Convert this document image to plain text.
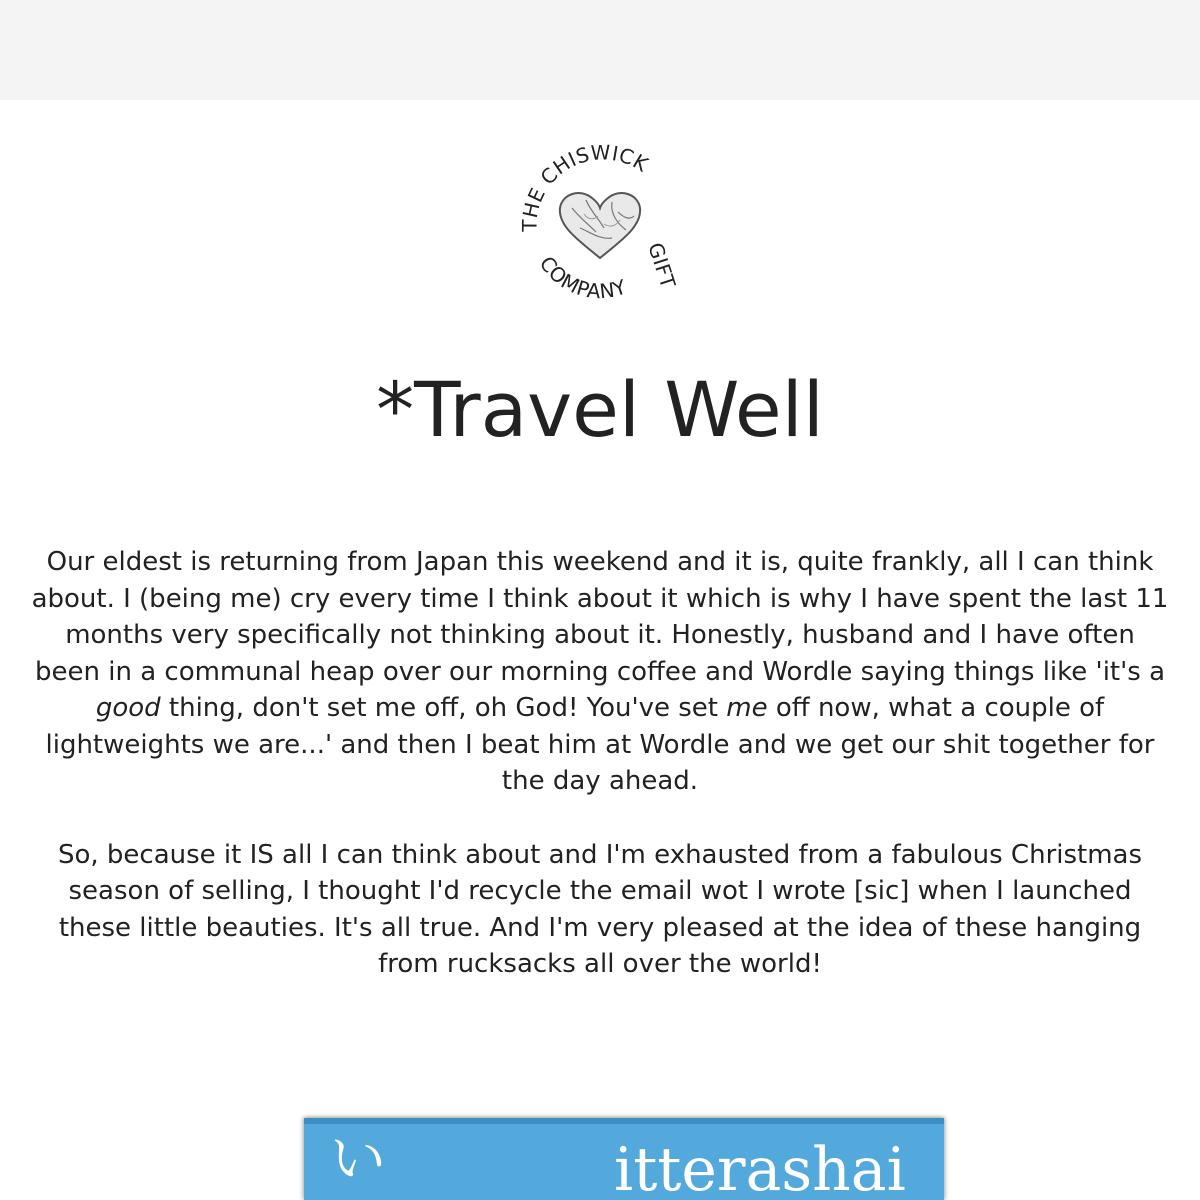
THE CHISWICK
COMPANY GIFT
*Travel Well

Our eldest is returning from Japan this weekend and it is, quite frankly, all I can think about. I (being me) cry every time I think about it which is why I have spent the last 11 months very specifically not thinking about it. Honestly, husband and I have often been in a communal heap over our morning coffee and Wordle saying things like 'it's a good thing, don't set me off, oh God! You've set me off now, what a couple of lightweights we are...' and then I beat him at Wordle and we get our shit together for the day ahead.

So, because it IS all I can think about and I'm exhausted from a fabulous Christmas season of selling, I thought I'd recycle the email wot I wrote [sic] when I launched these little beauties. It's all true. And I'm very pleased at the idea of these hanging from rucksacks all over the world!

い	itterashai
